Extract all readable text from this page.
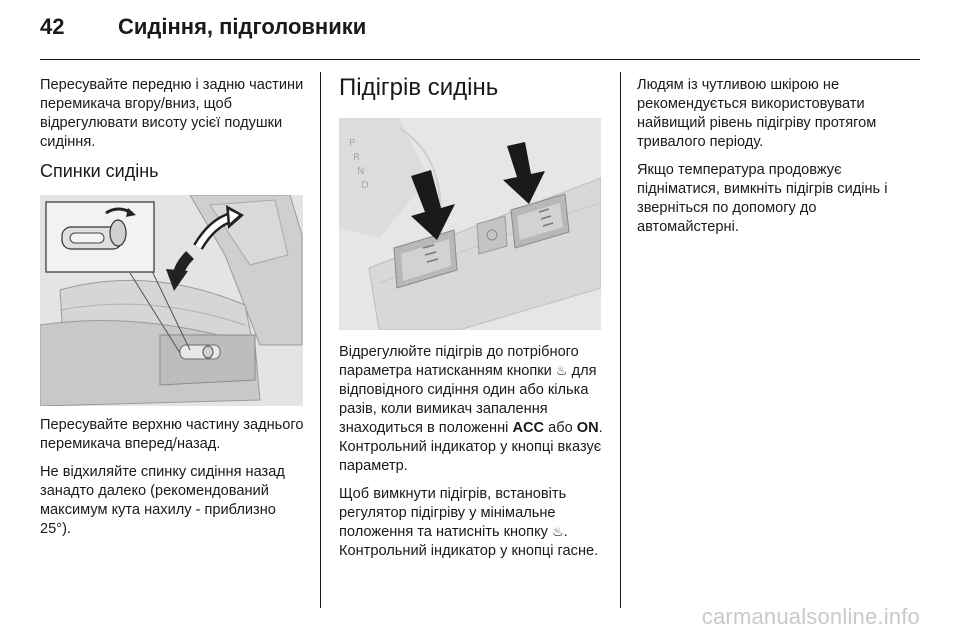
42	Сидіння, підголовники

Пересувайте передню і задню частини перемикача вгору/вниз, щоб відрегулювати висоту усієї подушки сидіння.

Спинки сидінь

Пересувайте верхню частину заднього перемикача вперед/назад.

Не відхиляйте спинку сидіння назад занадто далеко (рекомендований максимум кута нахилу - приблизно 25°).

Підігрів сидінь
P
R
N
D

Відрегулюйте підігрів до потрібного параметра натисканням кнопки ♨ для відповідного сидіння один або кілька разів, коли вимикач запалення знаходиться в положенні ACC або ON. Контрольний індикатор у кнопці вказує параметр.

Щоб вимкнути підігрів, встановіть регулятор підігріву у мінімальне положення та натисніть кнопку ♨. Контрольний індикатор у кнопці гасне.

Людям із чутливою шкірою не рекомендується використовувати найвищий рівень підігріву протягом тривалого періоду.

Якщо температура продовжує підніматися, вимкніть підігрів сидінь і зверніться по допомогу до автомайстерні.

carmanualsonline.info
